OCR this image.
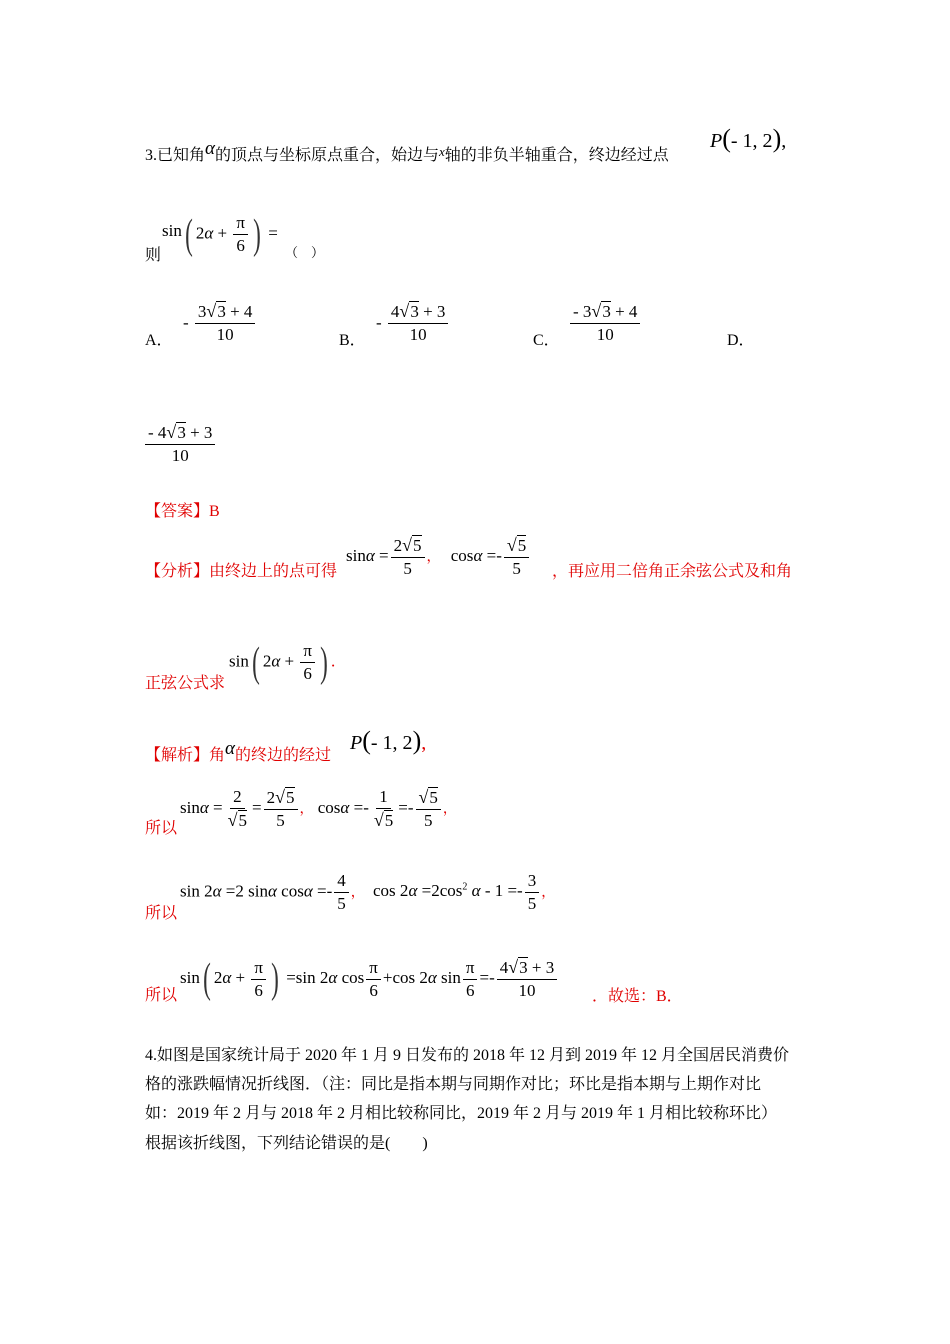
3.已知角α的顶点与坐标原点重合，始边与$^x$轴的非负半轴重合，终边经过点
P(- 1, 2),
则
sin( $2\alpha + \frac{\pi}{6}$ ) =
（　）
A．
- $\frac{3√3 + 4}{10}$	B．
- $\frac{4√3 + 3}{10}$	C． $\frac{- 3√3 + 4}{10}$	D．
$\frac{- 4√3 + 3}{10}$
【答案】B
【分析】由终边上的点可得
$\sin\alpha = \frac{2√5}{5}$ ， $\cos\alpha =- \frac{√5}{5}$ ，再应用二倍角正余弦公式及和角
正弦公式求
sin( $2\alpha + \frac{\pi}{6}$ ) .
【解析】角α的终边的经过
P(- 1, 2),
所以
$\sin\alpha = \frac{2}{√5} = \frac{2√5}{5}$ ， $\cos\alpha =- \frac{1}{√5} =- \frac{√5}{5}$ ，
所以
sin 2α =2 sinα $\cos\alpha =- \frac{4}{5}$ ， $\cos 2\alpha =2\cos^2$ $\alpha - 1 =- \frac{3}{5}$ ，
所以
sin( $2\alpha + \frac{\pi}{6}$ ) =sin 2α $\cos \frac{\pi}{6} +\cos$ 2α $\sin \frac{\pi}{6} =- \frac{4√3 + 3}{10}$ ．故选：B．
4.如图是国家统计局于 2020 年 1 月 9 日发布的 2018 年 12 月到 2019 年 12 月全国居民消费价
格的涨跌幅情况折线图．（注：同比是指本期与同期作对比；环比是指本期与上期作对比
如：2019 年 2 月与 2018 年 2 月相比较称同比，2019 年 2 月与 2019 年 1 月相比较称环比）
根据该折线图，下列结论错误的是(　　)
